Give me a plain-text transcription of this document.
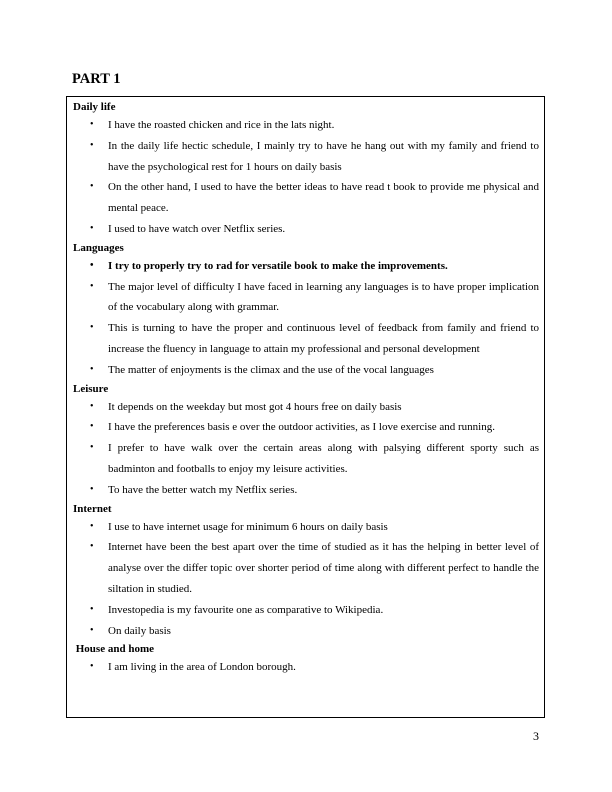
PART 1
Daily life
• I have the roasted chicken and rice in the lats night.
• In the daily life hectic schedule, I mainly try to have he hang out with my family and friend to have the psychological rest for 1 hours on daily basis
• On the other hand, I used to have the better ideas to have read t book to provide me physical and mental peace.
• I used to have watch over Netflix series.
Languages
• I try to properly try to rad for versatile book to make the improvements.
• The major level of difficulty I have faced in learning any languages is to have proper implication of the vocabulary along with grammar.
• This is turning to have the proper and continuous level of feedback from family and friend to increase the fluency in language to attain my professional and personal development
• The matter of enjoyments is the climax and the use of the vocal languages
Leisure
• It depends on the weekday but most got 4 hours free on daily basis
• I have the preferences basis e over the outdoor activities, as I love exercise and running.
• I prefer to have walk over the certain areas along with palsying different sporty such as badminton and footballs to enjoy my leisure activities.
• To have the better watch my Netflix series.
Internet
• I use to have internet usage for minimum 6 hours on daily basis
• Internet have been the best apart over the time of studied as it has the helping in better level of analyse over the differ topic over shorter period of time along with different perfect to handle the siltation in studied.
• Investopedia is my favourite one as comparative to Wikipedia.
• On daily basis
House and home
• I am living in the area of London borough.
3
